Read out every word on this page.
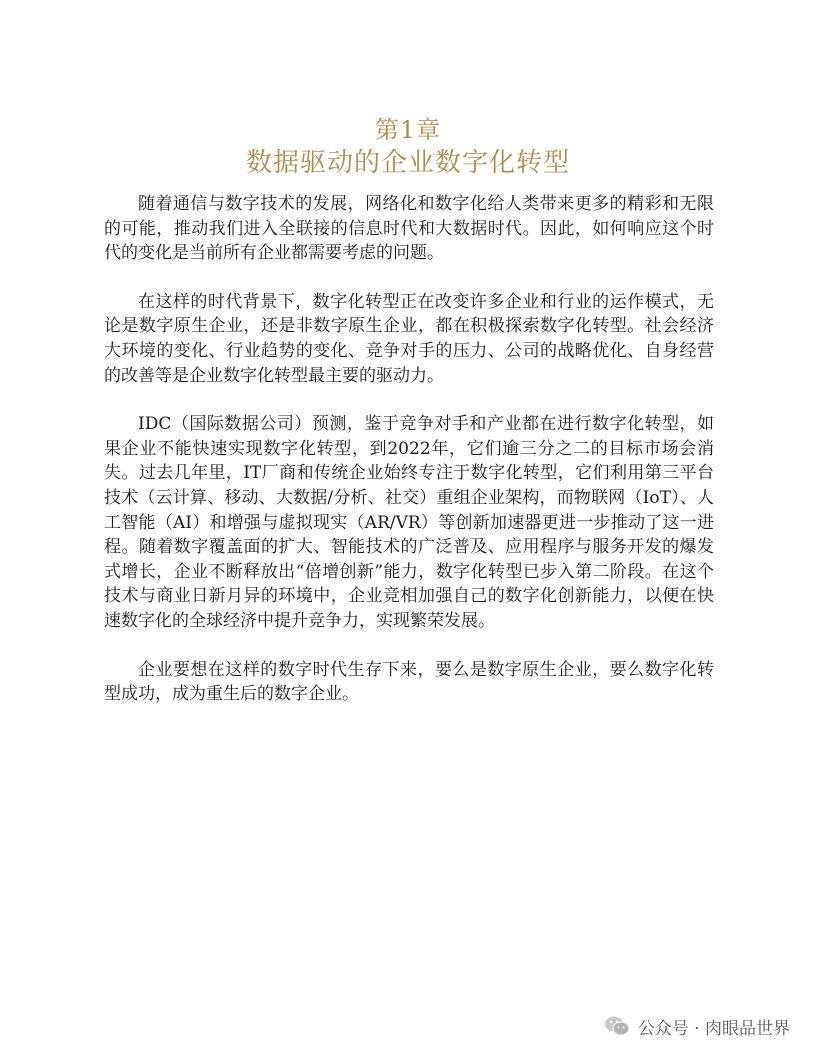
第1章
数据驱动的企业数字化转型

随着通信与数字技术的发展，网络化和数字化给人类带来更多的精彩和无限的可能，推动我们进入全联接的信息时代和大数据时代。因此，如何响应这个时代的变化是当前所有企业都需要考虑的问题。

在这样的时代背景下，数字化转型正在改变许多企业和行业的运作模式，无论是数字原生企业，还是非数字原生企业，都在积极探索数字化转型。社会经济大环境的变化、行业趋势的变化、竞争对手的压力、公司的战略优化、自身经营的改善等是企业数字化转型最主要的驱动力。

IDC（国际数据公司）预测，鉴于竞争对手和产业都在进行数字化转型，如果企业不能快速实现数字化转型，到2022年，它们逾三分之二的目标市场会消失。过去几年里，IT厂商和传统企业始终专注于数字化转型，它们利用第三平台技术（云计算、移动、大数据/分析、社交）重组企业架构，而物联网（IoT）、人工智能（AI）和增强与虚拟现实（AR/VR）等创新加速器更进一步推动了这一进程。随着数字覆盖面的扩大、智能技术的广泛普及、应用程序与服务开发的爆发式增长，企业不断释放出“倍增创新”能力，数字化转型已步入第二阶段。在这个技术与商业日新月异的环境中，企业竞相加强自己的数字化创新能力，以便在快速数字化的全球经济中提升竞争力，实现繁荣发展。

企业要想在这样的数字时代生存下来，要么是数字原生企业，要么数字化转型成功，成为重生后的数字企业。

公众号 · 肉眼品世界
